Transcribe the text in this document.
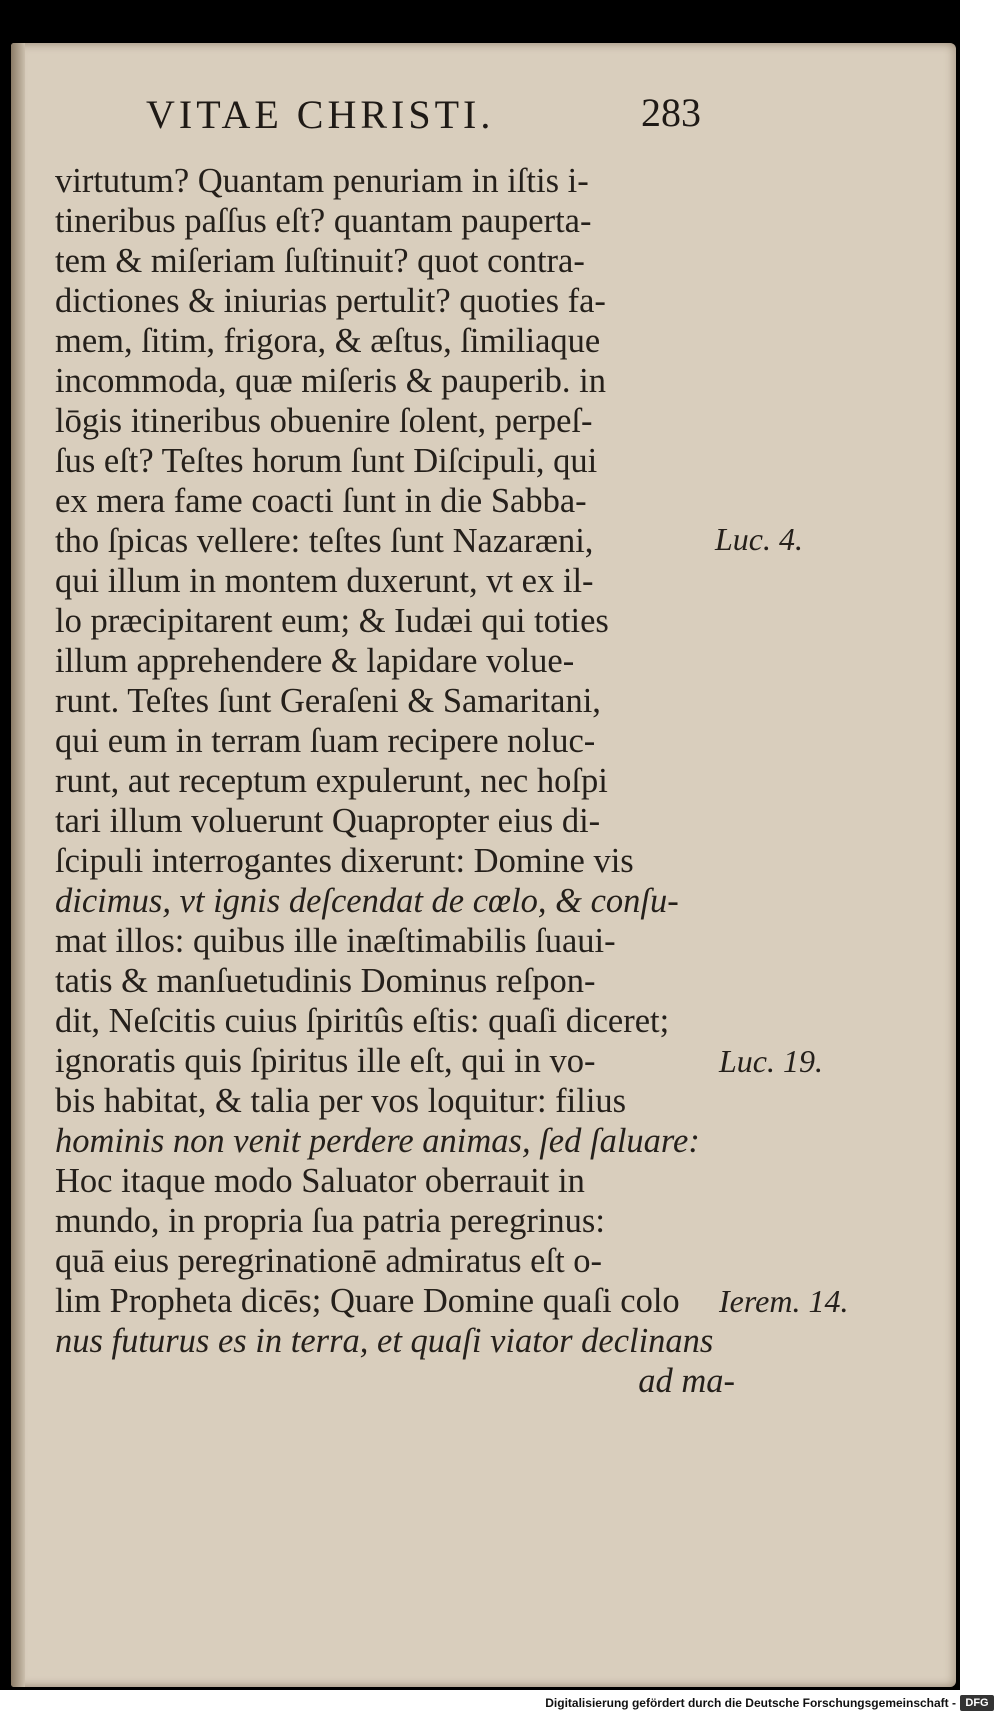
VITAE CHRISTI.	283
virtutum? Quantam penuriam in iſtis i-
tineribus paſſus eſt? quantam pauperta-
tem & miſeriam ſuſtinuit? quot contra-
dictiones & iniurias pertulit? quoties fa-
mem, ſitim, frigora, & æſtus, ſimiliaque
incommoda, quæ miſeris & pauperib. in
lōgis itineribus obuenire ſolent, perpeſ-
ſus eſt? Teſtes horum ſunt Diſcipuli, qui
ex mera fame coacti ſunt in die Sabba-
tho ſpicas vellere: teſtes ſunt Nazaræni,
qui illum in montem duxerunt, vt ex il-
lo præcipitarent eum; & Iudæi qui toties
illum apprehendere & lapidare volue-
runt. Teſtes ſunt Geraſeni & Samaritani,
qui eum in terram ſuam recipere noluc-
runt, aut receptum expulerunt, nec hoſpi
tari illum voluerunt Quapropter eius di-
ſcipuli interrogantes dixerunt: Domine vis
dicimus, vt ignis deſcendat de cœlo, & conſu-
mat illos: quibus ille inæſtimabilis ſuaui-
tatis & manſuetudinis Dominus reſpon-
dit, Neſcitis cuius ſpiritûs eſtis: quaſi diceret;
ignoratis quis ſpiritus ille eſt, qui in vo-
bis habitat, & talia per vos loquitur: filius
hominis non venit perdere animas, ſed ſaluare:
Hoc itaque modo Saluator oberrauit in
mundo, in propria ſua patria peregrinus:
quā eius peregrinationē admiratus eſt o-
lim Propheta dicēs; Quare Domine quaſi colo
nus futurus es in terra, et quaſi viator declinans
ad ma-
Luc. 4.
Luc. 19.
Ierem. 14.
Digitalisierung gefördert durch die Deutsche Forschungsgemeinschaft - DFG
